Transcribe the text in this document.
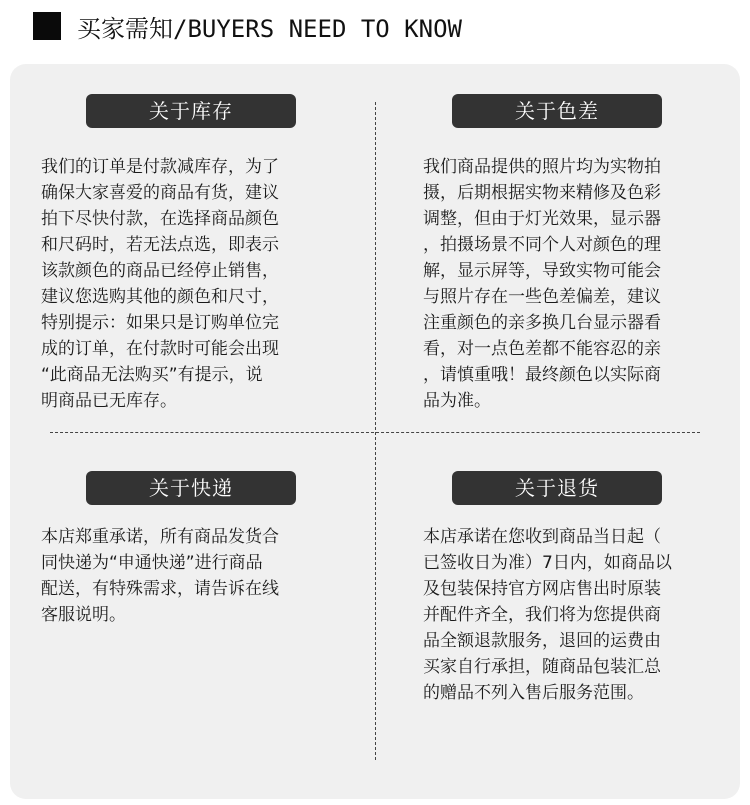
买家需知/BUYERS NEED TO KNOW
关于库存
我们的订单是付款减库存，为了
确保大家喜爱的商品有货，建议
拍下尽快付款，在选择商品颜色
和尺码时，若无法点选，即表示
该款颜色的商品已经停止销售，
建议您选购其他的颜色和尺寸，
特别提示：如果只是订购单位完
成的订单，在付款时可能会出现
“此商品无法购买”有提示，说
明商品已无库存。
关于色差
我们商品提供的照片均为实物拍
摄，后期根据实物来精修及色彩
调整，但由于灯光效果，显示器
，拍摄场景不同个人对颜色的理
解，显示屏等，导致实物可能会
与照片存在一些色差偏差，建议
注重颜色的亲多换几台显示器看
看，对一点色差都不能容忍的亲
，请慎重哦！最终颜色以实际商
品为准。
关于快递
本店郑重承诺，所有商品发货合
同快递为“申通快递”进行商品
配送，有特殊需求，请告诉在线
客服说明。
关于退货
本店承诺在您收到商品当日起（
已签收日为准）7日内，如商品以
及包装保持官方网店售出时原装
并配件齐全，我们将为您提供商
品全额退款服务，退回的运费由
买家自行承担，随商品包装汇总
的赠品不列入售后服务范围。
